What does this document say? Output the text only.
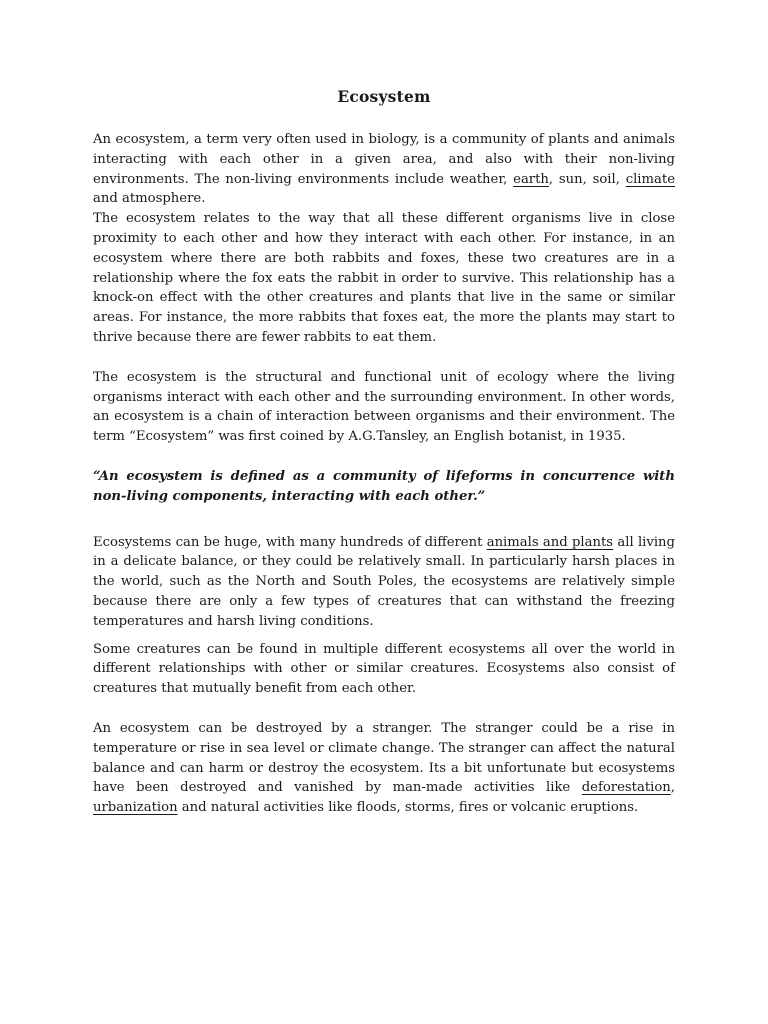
Ecosystem

An ecosystem, a term very often used in biology, is a community of plants and animals interacting with each other in a given area, and also with their non-living environments. The non-living environments include weather, earth, sun, soil, climate and atmosphere.

The ecosystem relates to the way that all these different organisms live in close proximity to each other and how they interact with each other. For instance, in an ecosystem where there are both rabbits and foxes, these two creatures are in a relationship where the fox eats the rabbit in order to survive. This relationship has a knock-on effect with the other creatures and plants that live in the same or similar areas. For instance, the more rabbits that foxes eat, the more the plants may start to thrive because there are fewer rabbits to eat them.

The ecosystem is the structural and functional unit of ecology where the living organisms interact with each other and the surrounding environment. In other words, an ecosystem is a chain of interaction between organisms and their environment. The term “Ecosystem” was first coined by A.G.Tansley, an English botanist, in 1935.

“An ecosystem is defined as a community of lifeforms in concurrence with non-living components, interacting with each other.”

Ecosystems can be huge, with many hundreds of different animals and plants all living in a delicate balance, or they could be relatively small. In particularly harsh places in the world, such as the North and South Poles, the ecosystems are relatively simple because there are only a few types of creatures that can withstand the freezing temperatures and harsh living conditions.

Some creatures can be found in multiple different ecosystems all over the world in different relationships with other or similar creatures. Ecosystems also consist of creatures that mutually benefit from each other.

An ecosystem can be destroyed by a stranger. The stranger could be a rise in temperature or rise in sea level or climate change. The stranger can affect the natural balance and can harm or destroy the ecosystem. Its a bit unfortunate but ecosystems have been destroyed and vanished by man-made activities like deforestation, urbanization and natural activities like floods, storms, fires or volcanic eruptions.
